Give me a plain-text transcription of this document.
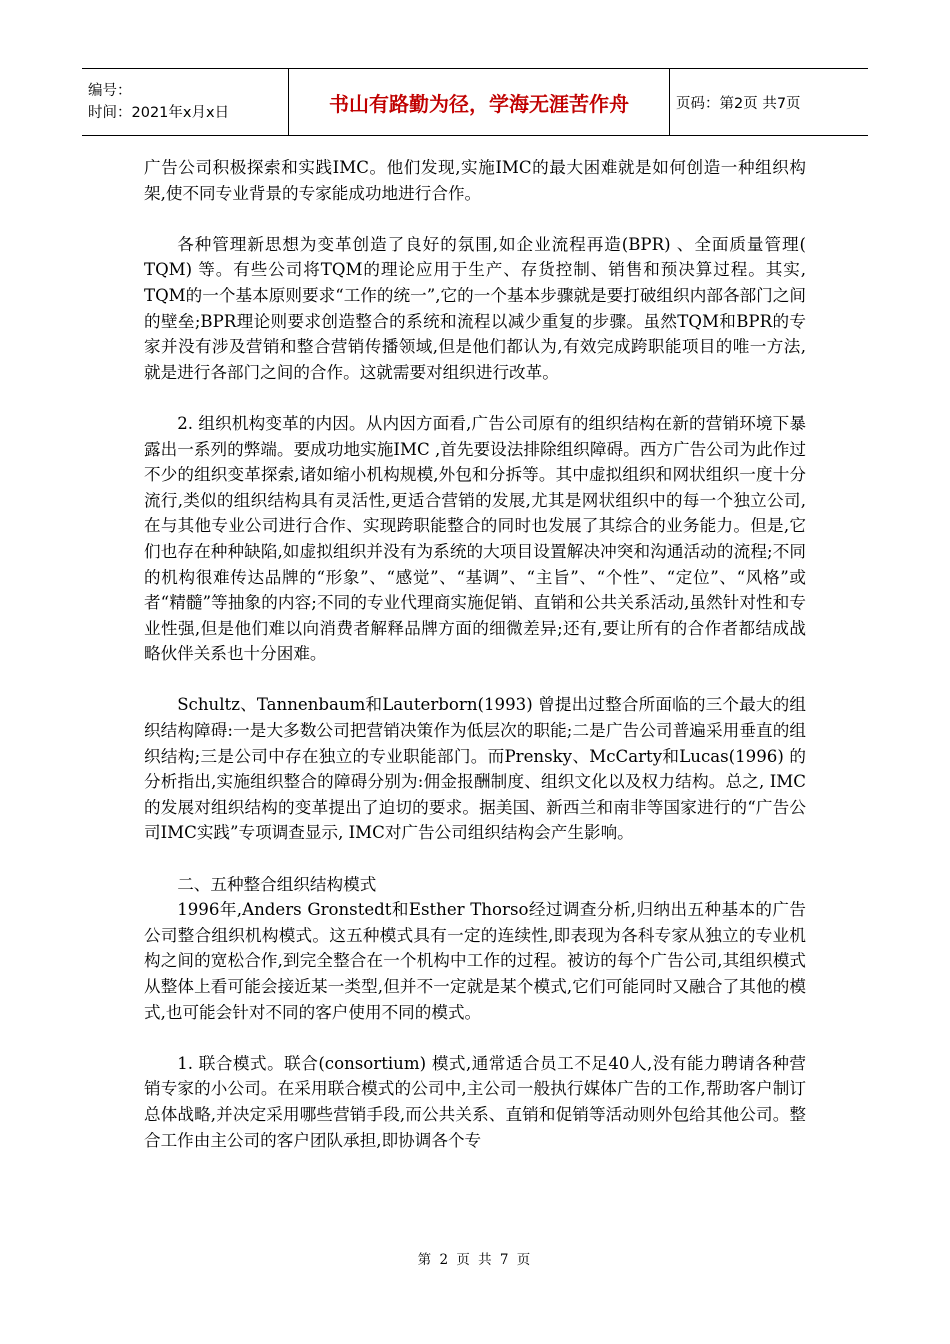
编号：
时间：2021年x月x日	书山有路勤为径，学海无涯苦作舟	页码：第2页 共7页

广告公司积极探索和实践IMC。他们发现,实施IMC的最大困难就是如何创造一种组织构架,使不同专业背景的专家能成功地进行合作。

各种管理新思想为变革创造了良好的氛围,如企业流程再造(BPR) 、全面质量管理( TQM) 等。有些公司将TQM的理论应用于生产、存货控制、销售和预决算过程。其实, TQM的一个基本原则要求“工作的统一”,它的一个基本步骤就是要打破组织内部各部门之间的壁垒;BPR理论则要求创造整合的系统和流程以减少重复的步骤。虽然TQM和BPR的专家并没有涉及营销和整合营销传播领域,但是他们都认为,有效完成跨职能项目的唯一方法,就是进行各部门之间的合作。这就需要对组织进行改革。

2. 组织机构变革的内因。从内因方面看,广告公司原有的组织结构在新的营销环境下暴露出一系列的弊端。要成功地实施IMC ,首先要设法排除组织障碍。西方广告公司为此作过不少的组织变革探索,诸如缩小机构规模,外包和分拆等。其中虚拟组织和网状组织一度十分流行,类似的组织结构具有灵活性,更适合营销的发展,尤其是网状组织中的每一个独立公司,在与其他专业公司进行合作、实现跨职能整合的同时也发展了其综合的业务能力。但是,它们也存在种种缺陷,如虚拟组织并没有为系统的大项目设置解决冲突和沟通活动的流程;不同的机构很难传达品牌的“形象”、“感觉”、“基调”、“主旨”、“个性”、“定位”、“风格”或者“精髓”等抽象的内容;不同的专业代理商实施促销、直销和公共关系活动,虽然针对性和专业性强,但是他们难以向消费者解释品牌方面的细微差异;还有,要让所有的合作者都结成战略伙伴关系也十分困难。

Schultz、Tannenbaum和Lauterborn(1993) 曾提出过整合所面临的三个最大的组织结构障碍:一是大多数公司把营销决策作为低层次的职能;二是广告公司普遍采用垂直的组织结构;三是公司中存在独立的专业职能部门。而Prensky、McCarty和Lucas(1996) 的分析指出,实施组织整合的障碍分别为:佣金报酬制度、组织文化以及权力结构。总之, IMC的发展对组织结构的变革提出了迫切的要求。据美国、新西兰和南非等国家进行的“广告公司IMC实践”专项调查显示, IMC对广告公司组织结构会产生影响。

二、五种整合组织结构模式

1996年,Anders Gronstedt和Esther Thorso经过调查分析,归纳出五种基本的广告公司整合组织机构模式。这五种模式具有一定的连续性,即表现为各科专家从独立的专业机构之间的宽松合作,到完全整合在一个机构中工作的过程。被访的每个广告公司,其组织模式从整体上看可能会接近某一类型,但并不一定就是某个模式,它们可能同时又融合了其他的模式,也可能会针对不同的客户使用不同的模式。

1. 联合模式。联合(consortium) 模式,通常适合员工不足40人,没有能力聘请各种营销专家的小公司。在采用联合模式的公司中,主公司一般执行媒体广告的工作,帮助客户制订总体战略,并决定采用哪些营销手段,而公共关系、直销和促销等活动则外包给其他公司。整合工作由主公司的客户团队承担,即协调各个专

第 2 页 共 7 页
